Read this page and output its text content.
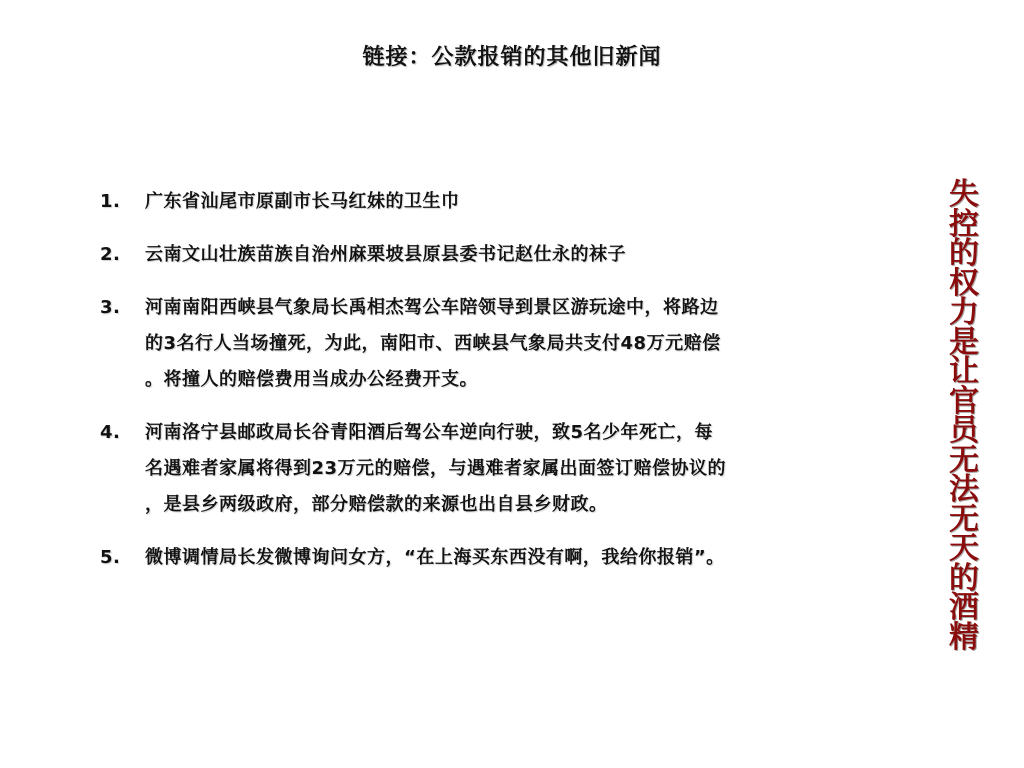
链接：公款报销的其他旧新闻
1.	广东省汕尾市原副市长马红妹的卫生巾
2.	云南文山壮族苗族自治州麻栗坡县原县委书记赵仕永的袜子
3.	河南南阳西峡县气象局长禹相杰驾公车陪领导到景区游玩途中，将路边
的3名行人当场撞死，为此，南阳市、西峡县气象局共支付48万元赔偿
。将撞人的赔偿费用当成办公经费开支。
4.	河南洛宁县邮政局长谷青阳酒后驾公车逆向行驶，致5名少年死亡，每
名遇难者家属将得到23万元的赔偿，与遇难者家属出面签订赔偿协议的
，是县乡两级政府，部分赔偿款的来源也出自县乡财政。
5.	微博调情局长发微博询问女方，“在上海买东西没有啊，我给你报销”。
失
控
的
权
力
是
让
官
员
无
法
无
天
的
酒
精
